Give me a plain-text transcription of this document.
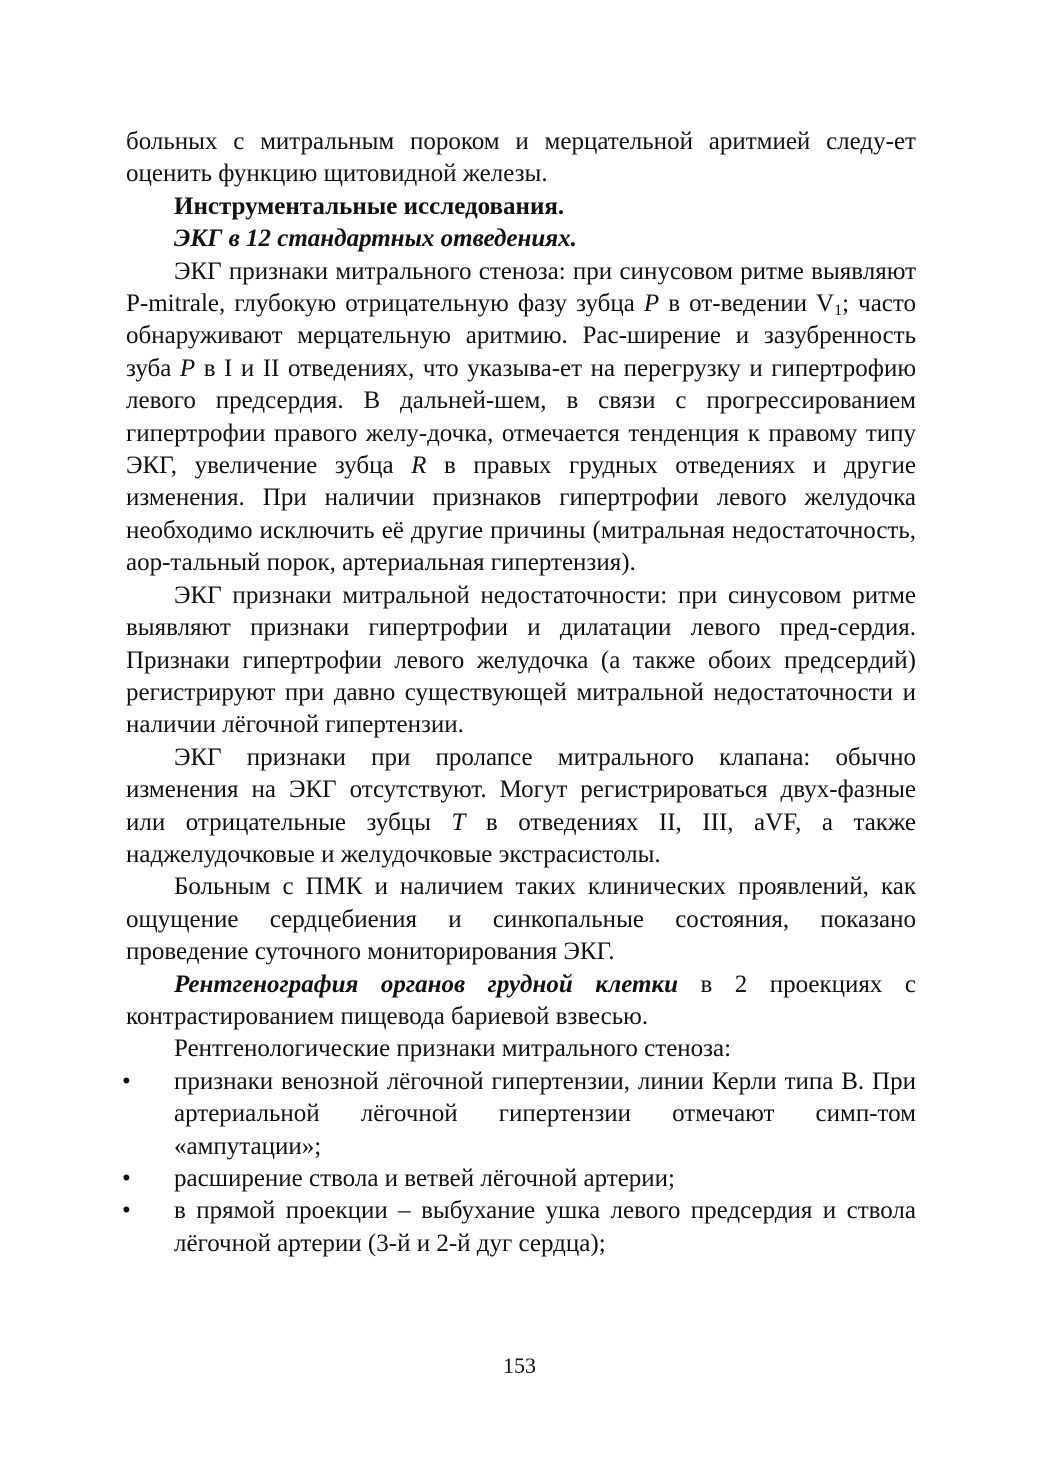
больных с митральным пороком и мерцательной аритмией следу-ет оценить функцию щитовидной железы.

Инструментальные исследования.

ЭКГ в 12 стандартных отведениях.

ЭКГ признаки митрального стеноза: при синусовом ритме выявляют P-mitrale, глубокую отрицательную фазу зубца P в от-ведении $V_1$; часто обнаруживают мерцательную аритмию. Рас-ширение и зазубренность зуба P в I и II отведениях, что указыва-ет на перегрузку и гипертрофию левого предсердия. В дальней-шем, в связи с прогрессированием гипертрофии правого желу-дочка, отмечается тенденция к правому типу ЭКГ, увеличение зубца R в правых грудных отведениях и другие изменения. При наличии признаков гипертрофии левого желудочка необходимо исключить её другие причины (митральная недостаточность, аор-тальный порок, артериальная гипертензия).

ЭКГ признаки митральной недостаточности: при синусовом ритме выявляют признаки гипертрофии и дилатации левого пред-сердия. Признаки гипертрофии левого желудочка (а также обоих предсердий) регистрируют при давно существующей митральной недостаточности и наличии лёгочной гипертензии.

ЭКГ признаки при пролапсе митрального клапана: обычно изменения на ЭКГ отсутствуют. Могут регистрироваться двух-фазные или отрицательные зубцы T в отведениях II, III, aVF, а также наджелудочковые и желудочковые экстрасистолы.

Больным с ПМК и наличием таких клинических проявлений, как ощущение сердцебиения и синкопальные состояния, показано проведение суточного мониторирования ЭКГ.

Рентгенография органов грудной клетки в 2 проекциях с контрастированием пищевода бариевой взвесью.

Рентгенологические признаки митрального стеноза:

• признаки венозной лёгочной гипертензии, линии Керли типа B. При артериальной лёгочной гипертензии отмечают симп-том «ампутации»;
• расширение ствола и ветвей лёгочной артерии;
• в прямой проекции – выбухание ушка левого предсердия и ствола лёгочной артерии (3-й и 2-й дуг сердца);
153
